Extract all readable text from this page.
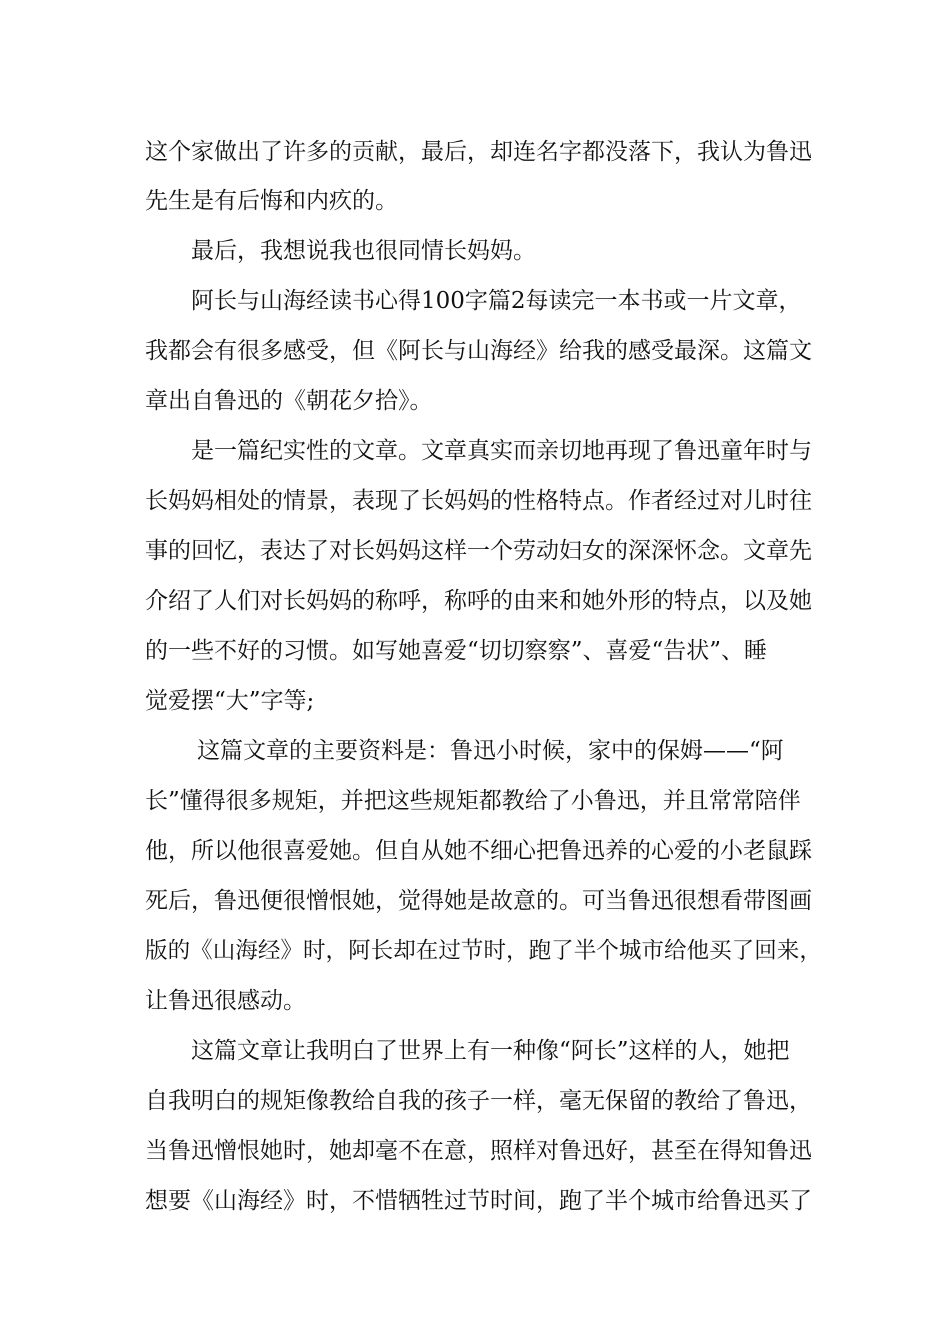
这个家做出了许多的贡献，最后，却连名字都没落下，我认为鲁迅

先生是有后悔和内疚的。

最后，我想说我也很同情长妈妈。

阿长与山海经读书心得100字篇2每读完一本书或一片文章，

我都会有很多感受，但《阿长与山海经》给我的感受最深。这篇文

章出自鲁迅的《朝花夕拾》。

是一篇纪实性的文章。文章真实而亲切地再现了鲁迅童年时与

长妈妈相处的情景，表现了长妈妈的性格特点。作者经过对儿时往

事的回忆，表达了对长妈妈这样一个劳动妇女的深深怀念。文章先

介绍了人们对长妈妈的称呼，称呼的由来和她外形的特点，以及她

的一些不好的习惯。如写她喜爱“切切察察”、喜爱“告状”、睡

觉爱摆“大”字等;

这篇文章的主要资料是：鲁迅小时候，家中的保姆——“阿

长”懂得很多规矩，并把这些规矩都教给了小鲁迅，并且常常陪伴

他，所以他很喜爱她。但自从她不细心把鲁迅养的心爱的小老鼠踩

死后，鲁迅便很憎恨她，觉得她是故意的。可当鲁迅很想看带图画

版的《山海经》时，阿长却在过节时，跑了半个城市给他买了回来，

让鲁迅很感动。

这篇文章让我明白了世界上有一种像“阿长”这样的人，她把

自我明白的规矩像教给自我的孩子一样，毫无保留的教给了鲁迅，

当鲁迅憎恨她时，她却毫不在意，照样对鲁迅好，甚至在得知鲁迅

想要《山海经》时，不惜牺牲过节时间，跑了半个城市给鲁迅买了
